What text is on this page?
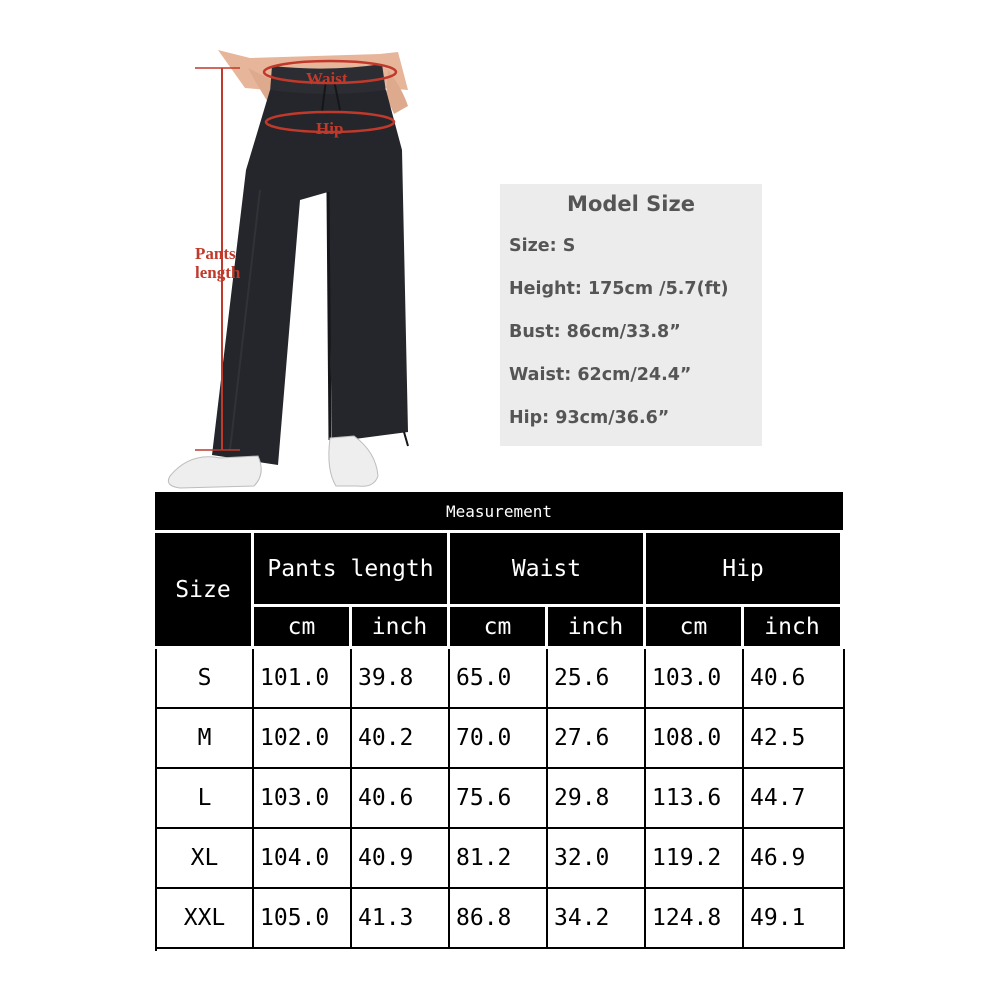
Waist
Hip
Pants length
Model Size
Size: S
Height: 175cm /5.7(ft)
Bust: 86cm/33.8”
Waist: 62cm/24.4”
Hip: 93cm/36.6”
Measurement
Size
Pants length	Waist	Hip
cm	inch	cm	inch	cm	inch
S	101.0	39.8	65.0	25.6	103.0	40.6
M	102.0	40.2	70.0	27.6	108.0	42.5
L	103.0	40.6	75.6	29.8	113.6	44.7
XL	104.0	40.9	81.2	32.0	119.2	46.9
XXL	105.0	41.3	86.8	34.2	124.8	49.1
